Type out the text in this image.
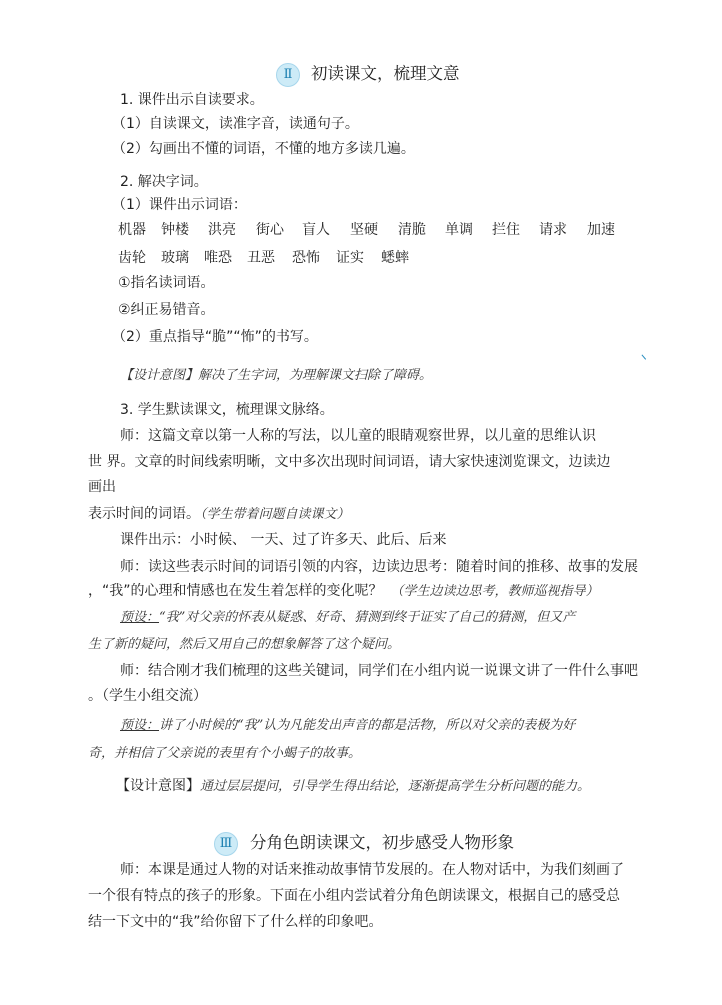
Ⅱ	初读课文，梳理文意
1. 课件出示自读要求。
（1）自读课文，读准字音，读通句子。
（2）勾画出不懂的词语，不懂的地方多读几遍。
2. 解决字词。
（1）课件出示词语：
机器 钟楼 洪亮 街心 盲人 坚硬 清脆 单调 拦住 请求 加速
齿轮 玻璃 唯恐 丑恶 恐怖 证实 蟋蟀
①指名读词语。
②纠正易错音。
（2）重点指导“脆”“怖”的书写。
【设计意图】解决了生字词，为理解课文扫除了障碍。
3. 学生默读课文，梳理课文脉络。
师：这篇文章以第一人称的写法，以儿童的眼睛观察世界，以儿童的思维认识
世 界。文章的时间线索明晰，文中多次出现时间词语，请大家快速浏览课文，边读边
画出
表示时间的词语。（学生带着问题自读课文）
课件出示：小时候、 一天、过了许多天、此后、后来
师：读这些表示时间的词语引领的内容，边读边思考：随着时间的推移、故事的发展
，“我”的心理和情感也在发生着怎样的变化呢？ （学生边读边思考，教师巡视指导）
预设：“我”对父亲的怀表从疑惑、好奇、猜测到终于证实了自己的猜测，但又产
生了新的疑问，然后又用自己的想象解答了这个疑问。
师：结合刚才我们梳理的这些关键词，同学们在小组内说一说课文讲了一件什么事吧
。（学生小组交流）
预设：讲了小时候的“我”认为凡能发出声音的都是活物，所以对父亲的表极为好
奇，并相信了父亲说的表里有个小蝎子的故事。
【设计意图】通过层层提问，引导学生得出结论，逐渐提高学生分析问题的能力。
Ⅲ	分角色朗读课文，初步感受人物形象
师：本课是通过人物的对话来推动故事情节发展的。在人物对话中，为我们刻画了
一个很有特点的孩子的形象。下面在小组内尝试着分角色朗读课文，根据自己的感受总
结一下文中的“我”给你留下了什么样的印象吧。
